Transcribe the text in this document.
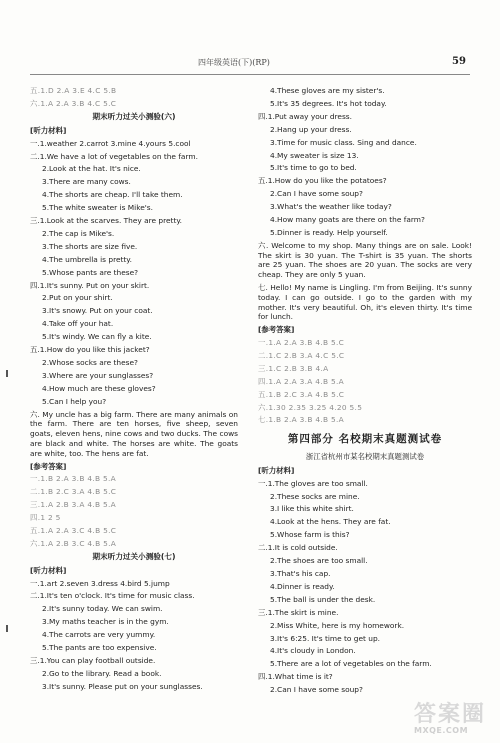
四年级英语(下)(RP)	59
五.1.D 2.A 3.E 4.C 5.B
六.1.A 2.A 3.B 4.C 5.C
期末听力过关小测验(六)
[听力材料]
一.1.weather 2.carrot 3.mine 4.yours 5.cool
二.1.We have a lot of vegetables on the farm.
2.Look at the hat. It's nice.
3.There are many cows.
4.The shorts are cheap. I'll take them.
5.The white sweater is Mike's.
三.1.Look at the scarves. They are pretty.
2.The cap is Mike's.
3.The shorts are size five.
4.The umbrella is pretty.
5.Whose pants are these?
四.1.It's sunny. Put on your skirt.
2.Put on your shirt.
3.It's snowy. Put on your coat.
4.Take off your hat.
5.It's windy. We can fly a kite.
五.1.How do you like this jacket?
2.Whose socks are these?
3.Where are your sunglasses?
4.How much are these gloves?
5.Can I help you?
六. My uncle has a big farm. There are many animals on the farm. There are ten horses, five sheep, seven goats, eleven hens, nine cows and two ducks. The cows are black and white. The horses are white. The goats are white, too. The hens are fat.
[参考答案]
一.1.B 2.A 3.B 4.B 5.A
二.1.B 2.C 3.A 4.B 5.C
三.1.A 2.B 3.A 4.B 5.A
四.1 2 5
五.1.A 2.A 3.C 4.B 5.C
六.1.A 2.B 3.C 4.B 5.A
期末听力过关小测验(七)
[听力材料]
一.1.art 2.seven 3.dress 4.bird 5.jump
二.1.It's ten o'clock. It's time for music class.
2.It's sunny today. We can swim.
3.My maths teacher is in the gym.
4.The carrots are very yummy.
5.The pants are too expensive.
三.1.You can play football outside.
2.Go to the library. Read a book.
3.It's sunny. Please put on your sunglasses.
4.These gloves are my sister's.
5.It's 35 degrees. It's hot today.
四.1.Put away your dress.
2.Hang up your dress.
3.Time for music class. Sing and dance.
4.My sweater is size 13.
5.It's time to go to bed.
五.1.How do you like the potatoes?
2.Can I have some soup?
3.What's the weather like today?
4.How many goats are there on the farm?
5.Dinner is ready. Help yourself.
六. Welcome to my shop. Many things are on sale. Look! The skirt is 30 yuan. The T-shirt is 35 yuan. The shorts are 25 yuan. The shoes are 20 yuan. The socks are very cheap. They are only 5 yuan.
七. Hello! My name is Lingling. I'm from Beijing. It's sunny today. I can go outside. I go to the garden with my mother. It's very beautiful. Oh, it's eleven thirty. It's time for lunch.
[参考答案]
一.1.A 2.A 3.B 4.B 5.C
二.1.C 2.B 3.A 4.C 5.C
三.1.C 2.B 3.B 4.A
四.1.A 2.A 3.A 4.B 5.A
五.1.B 2.C 3.A 4.B 5.C
六.1.30 2.35 3.25 4.20 5.5
七.1.B 2.A 3.B 4.B 5.A
第四部分 名校期末真题测试卷
浙江省杭州市某名校期末真题测试卷
[听力材料]
一.1.The gloves are too small.
2.These socks are mine.
3.I like this white shirt.
4.Look at the hens. They are fat.
5.Whose farm is this?
二.1.It is cold outside.
2.The shoes are too small.
3.That's his cap.
4.Dinner is ready.
5.The ball is under the desk.
三.1.The skirt is mine.
2.Miss White, here is my homework.
3.It's 6:25. It's time to get up.
4.It's cloudy in London.
5.There are a lot of vegetables on the farm.
四.1.What time is it?
2.Can I have some soup?
答案圈
MXQE.COM
